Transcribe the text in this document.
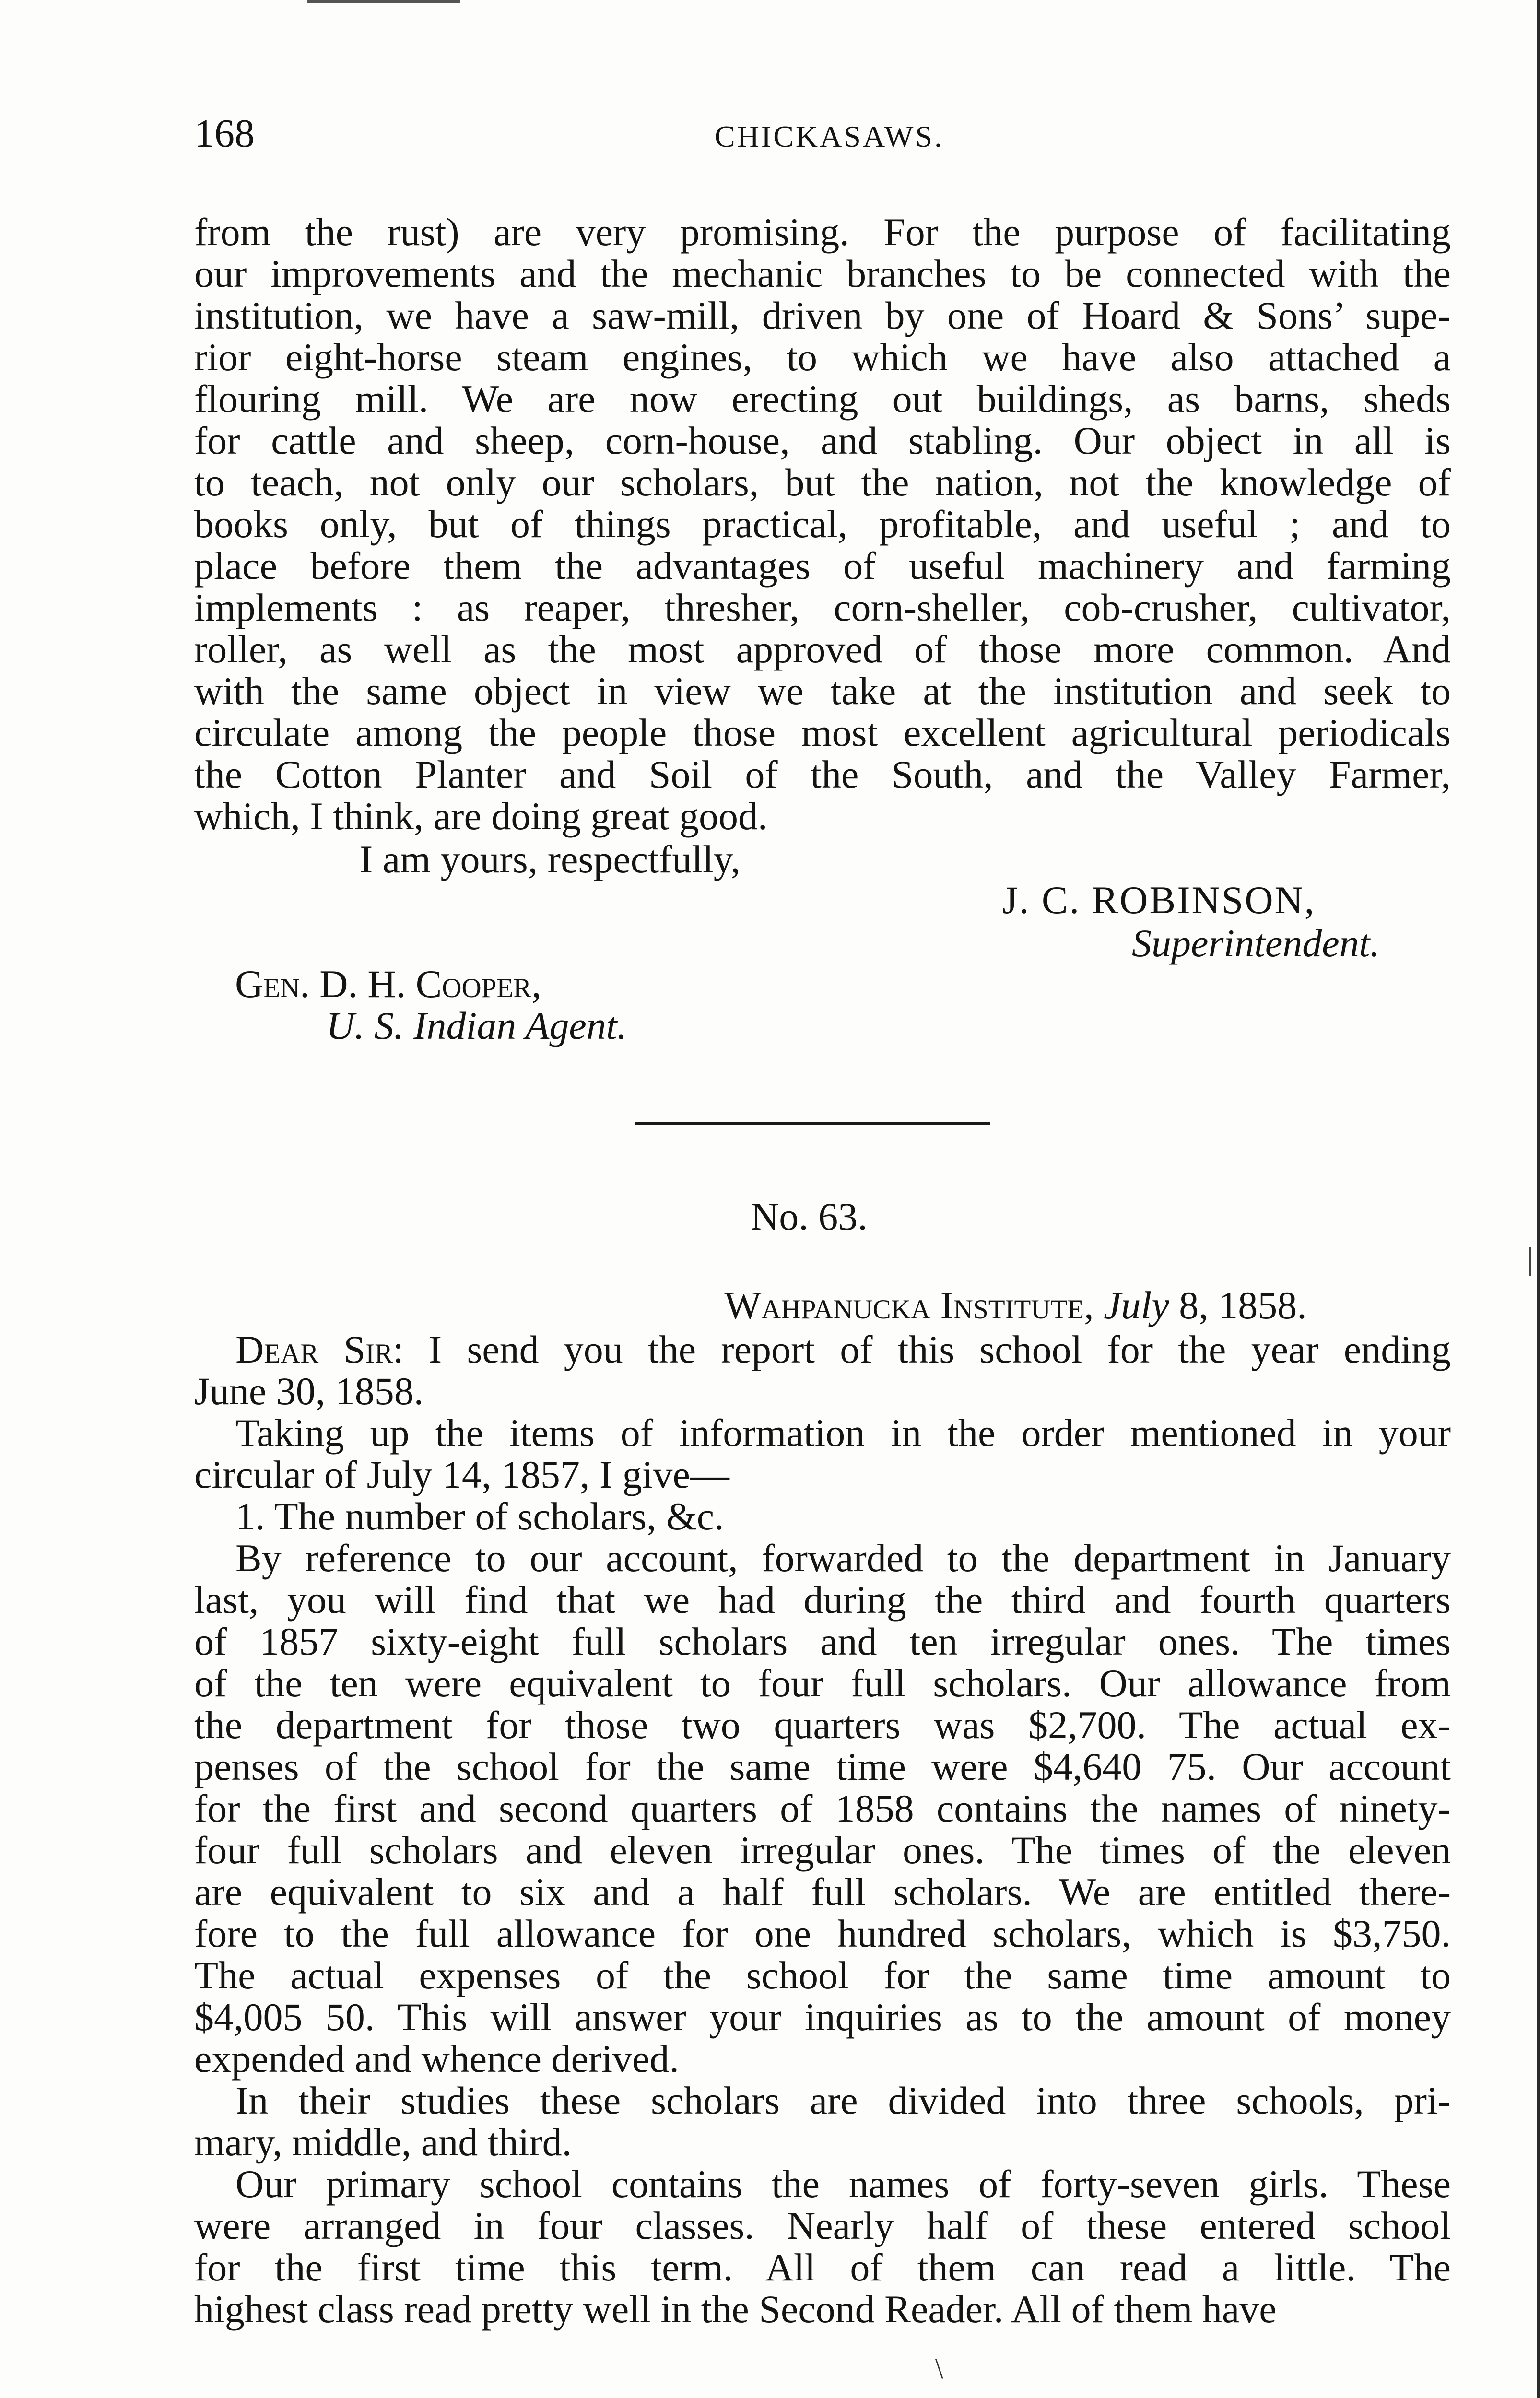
168	CHICKASAWS.
from the rust) are very promising. For the purpose of facilitating
our improvements and the mechanic branches to be connected with the
institution, we have a saw-mill, driven by one of Hoard & Sons’ supe-
rior eight-horse steam engines, to which we have also attached a
flouring mill. We are now erecting out buildings, as barns, sheds
for cattle and sheep, corn-house, and stabling. Our object in all is
to teach, not only our scholars, but the nation, not the knowledge of
books only, but of things practical, profitable, and useful ; and to
place before them the advantages of useful machinery and farming
implements : as reaper, thresher, corn-sheller, cob-crusher, cultivator,
roller, as well as the most approved of those more common. And
with the same object in view we take at the institution and seek to
circulate among the people those most excellent agricultural periodicals
the Cotton Planter and Soil of the South, and the Valley Farmer,
which, I think, are doing great good.
I am yours, respectfully,
J. C. ROBINSON,
Superintendent.
Gen. D. H. Cooper,
U. S. Indian Agent.
No. 63.
Wahpanucka Institute, July 8, 1858.
Dear Sir: I send you the report of this school for the year ending
June 30, 1858.
Taking up the items of information in the order mentioned in your
circular of July 14, 1857, I give—
1. The number of scholars, &c.
By reference to our account, forwarded to the department in January
last, you will find that we had during the third and fourth quarters
of 1857 sixty-eight full scholars and ten irregular ones. The times
of the ten were equivalent to four full scholars. Our allowance from
the department for those two quarters was $2,700. The actual ex-
penses of the school for the same time were $4,640 75. Our account
for the first and second quarters of 1858 contains the names of ninety-
four full scholars and eleven irregular ones. The times of the eleven
are equivalent to six and a half full scholars. We are entitled there-
fore to the full allowance for one hundred scholars, which is $3,750.
The actual expenses of the school for the same time amount to
$4,005 50. This will answer your inquiries as to the amount of money
expended and whence derived.
In their studies these scholars are divided into three schools, pri-
mary, middle, and third.
Our primary school contains the names of forty-seven girls. These
were arranged in four classes. Nearly half of these entered school
for the first time this term. All of them can read a little. The
highest class read pretty well in the Second Reader. All of them have
\
